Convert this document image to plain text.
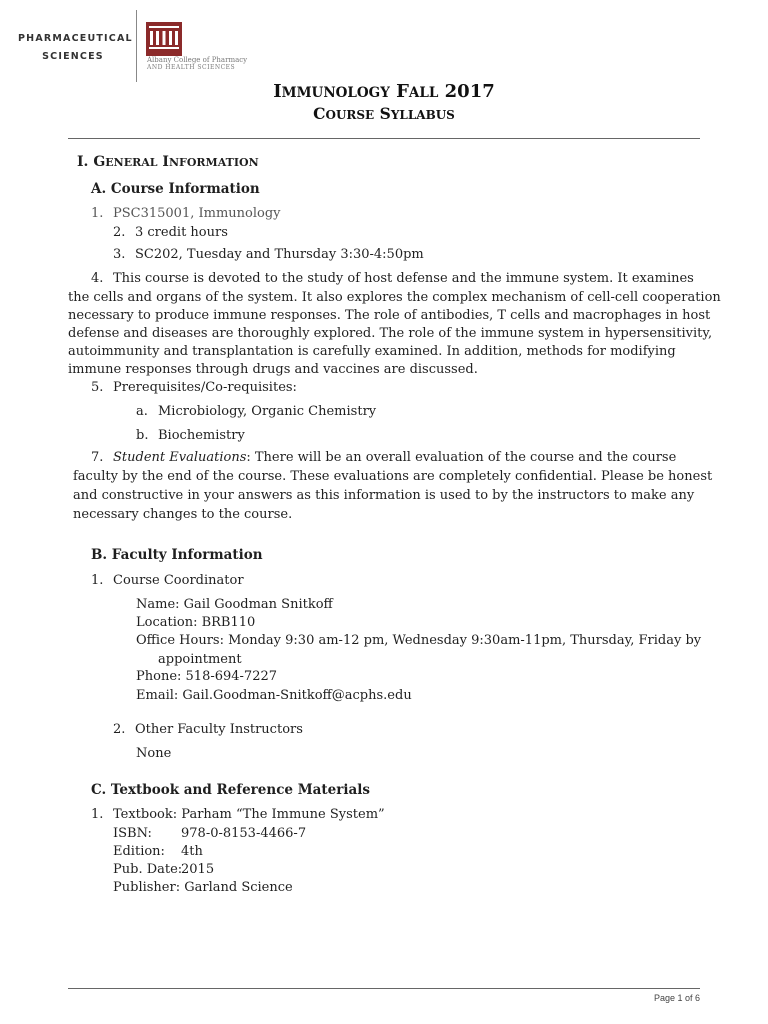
PHARMACEUTICAL
SCIENCES	Albany College of Pharmacy
AND HEALTH SCIENCES
IMMUNOLOGY FALL 2017
COURSE SYLLABUS
I. GENERAL INFORMATION
A. Course Information
1. PSC315001, Immunology
2. 3 credit hours
3. SC202, Tuesday and Thursday 3:30-4:50pm
4. This course is devoted to the study of host defense and the immune system. It examines
the cells and organs of the system. It also explores the complex mechanism of cell-cell cooperation
necessary to produce immune responses. The role of antibodies, T cells and macrophages in host
defense and diseases are thoroughly explored. The role of the immune system in hypersensitivity,
autoimmunity and transplantation is carefully examined. In addition, methods for modifying
immune responses through drugs and vaccines are discussed.
5. Prerequisites/Co-requisites:
a. Microbiology, Organic Chemistry
b. Biochemistry
7. Student Evaluations: There will be an overall evaluation of the course and the course
faculty by the end of the course. These evaluations are completely confidential. Please be honest
and constructive in your answers as this information is used to by the instructors to make any
necessary changes to the course.
B. Faculty Information
1. Course Coordinator
Name: Gail Goodman Snitkoff
Location: BRB110
Office Hours: Monday 9:30 am-12 pm, Wednesday 9:30am-11pm, Thursday, Friday by
appointment
Phone: 518-694-7227
Email: Gail.Goodman-Snitkoff@acphs.edu
2. Other Faculty Instructors
None
C. Textbook and Reference Materials
1. Textbook: Parham “The Immune System”
ISBN: 978-0-8153-4466-7
Edition: 4th
Pub. Date:2015
Publisher: Garland Science
Page 1 of 6
